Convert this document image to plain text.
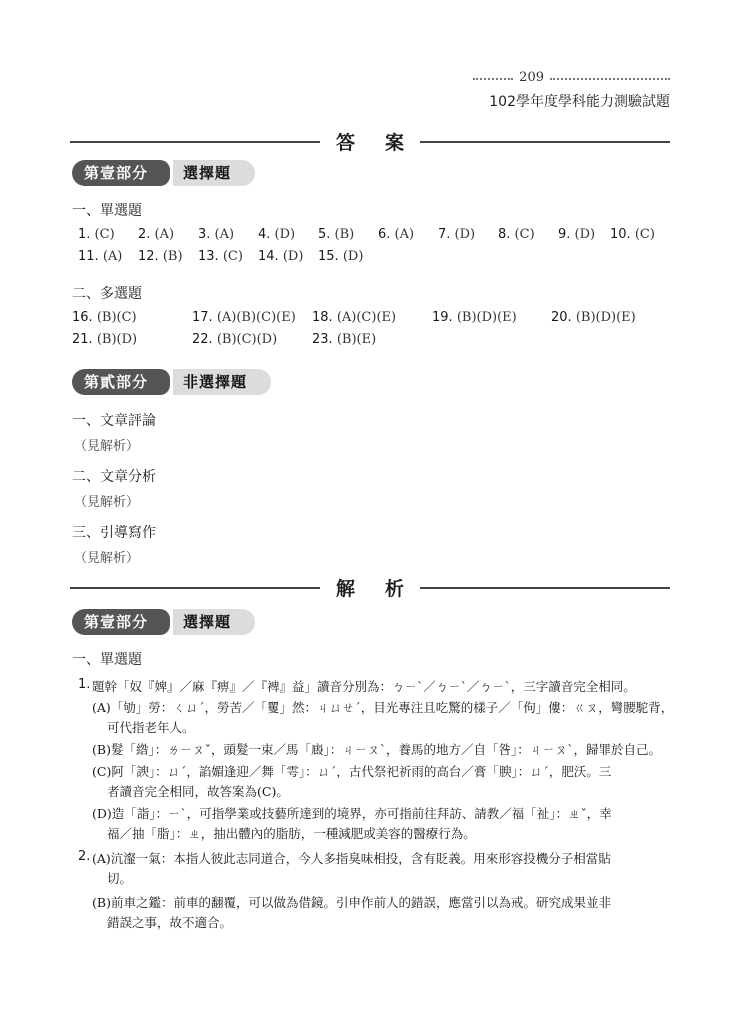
209
102學年度學科能力測驗試題
答案
第壹部分	選擇題
一、單選題
1. (C) 2. (A) 3. (A) 4. (D) 5. (B) 6. (A) 7. (D) 8. (C) 9. (D) 10. (C)
11. (A) 12. (B) 13. (C) 14. (D) 15. (D)
二、多選題
16. (B)(C)	17. (A)(B)(C)(E) 18. (A)(C)(E)	19. (B)(D)(E)	20. (B)(D)(E)
21. (B)(D)	22. (B)(C)(D)	23. (B)(E)
第貳部分	非選擇題
一、文章評論
（見解析）
二、文章分析
（見解析）
三、引導寫作
（見解析）
解析
第壹部分	選擇題
一、單選題
1. 題幹「奴『婢』／麻『痹』／『裨』益」讀音分別為：ㄅㄧˋ／ㄅㄧˋ／ㄅㄧˋ，三字讀音完全相同。
(A)「劬」勞：ㄑㄩˊ，勞苦／「矍」然：ㄐㄩㄝˊ，目光專注且吃驚的樣子／「佝」僂：ㄍㄡ，彎腰駝背，
可代指老年人。
(B)髮「綹」：ㄌㄧㄡˇ，頭髮一束／馬「廄」：ㄐㄧㄡˋ，養馬的地方／自「咎」：ㄐㄧㄡˋ，歸罪於自己。
(C)阿「諛」：ㄩˊ，諂媚逢迎／舞「雩」：ㄩˊ，古代祭祀祈雨的高台／膏「腴」：ㄩˊ，肥沃。三
者讀音完全相同，故答案為(C)。
(D)造「詣」：ㄧˋ，可指學業或技藝所達到的境界，亦可指前往拜訪、請教／福「祉」：ㄓˇ，幸
福／抽「脂」：ㄓ，抽出體內的脂肪，一種減肥或美容的醫療行為。
2. (A)沆瀣一氣：本指人彼此志同道合，今人多指臭味相投，含有貶義。用來形容投機分子相當貼
切。
(B)前車之鑑：前車的翻覆，可以做為借鏡。引申作前人的錯誤，應當引以為戒。研究成果並非
錯誤之事，故不適合。
